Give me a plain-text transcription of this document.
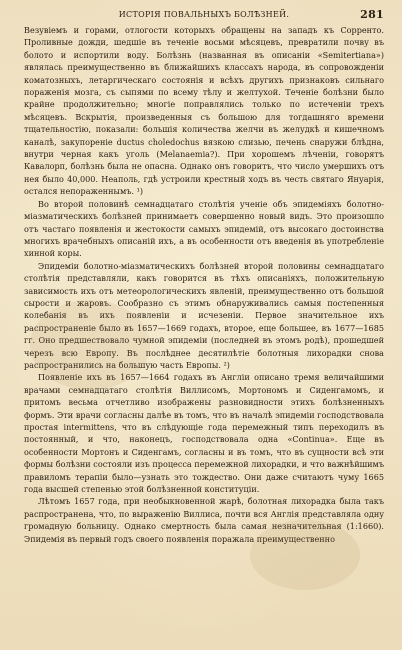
ИСТОРІЯ ПОВАЛЬНЫХЪ БОЛѢЗНЕЙ.	281

Везувіемъ и горами, отлогости которыхъ обращены на западъ къ Сорренто. Проливные дожди, шедшіе въ теченіе восьми мѣсяцевъ, превратили почву въ болото и испортили воду. Болѣзнь (названная въ описаніи «Semitertiana») являлась преимущественно въ ближайшихъ классахъ народа, въ сопровожденіи коматозныхъ, летаргическаго состоянія и всѣхъ другихъ признаковъ сильнаго пораженія мозга, съ сыпями по всему тѣлу и желтухой. Теченіе болѣзни было крайне продолжительно; многіе поправлялись только по истеченіи трехъ мѣсяцевъ. Вскрытія, произведенныя съ большою для тогдашняго времени тщательностію, показали: большія количества желчи въ желудкѣ и кишечномъ каналѣ, закупореніе ductus choledochus вязкою слизью, печень снаружи блѣдна, внутри черная какъ уголь (Melanaemia?). При хорошемъ лѣченіи, говорятъ Кавалорп, болѣзнь была не опасна. Однако онъ говоритъ, что число умершихъ отъ нея было 40,000. Неаполь, гдѣ устроили крестный ходъ въ честь святаго Януарія, остался непораженнымъ. ¹)

Во второй половинѣ семнадцатаго столѣтія ученіе объ эпидеміяхъ болотно-міазматическихъ болѣзней принимаетъ совершенно новый видъ. Это произошло отъ частаго появленія и жестокости самыхъ эпидемій, отъ высокаго достоинства многихъ врачебныхъ описаній ихъ, а въ особенности отъ введенія въ употребленіе хинной коры.

Эпидеміи болотно-міазматическихъ болѣзней второй половины семнадцатаго столѣтія представляли, какъ говорится въ тѣхъ описаніяхъ, положительную зависимость ихъ отъ метеорологическихъ явленій, преимущественно отъ большой сырости и жаровъ. Сообразно съ этимъ обнаруживались самыя постепенныя колебанія въ ихъ появленіи и исчезеніи. Первое значительное ихъ распространеніе было въ 1657—1669 годахъ, второе, еще большее, въ 1677—1685 гг. Оно предшествовало чумной эпидеміи (последней въ этомъ родѣ), прошедшей черезъ всю Европу. Въ послѣднее десятилѣтіе болотныя лихорадки снова распространились на большую часть Европы. ²)

Появленіе ихъ въ 1657—1664 годахъ въ Англіи описано тремя величайшими врачами семнадцатаго столѣтія Виллисомъ, Мортономъ и Сиденгамомъ, и притомъ весьма отчетливо изображены разновидности этихъ болѣзненныхъ формъ. Эти врачи согласны далѣе въ томъ, что въ началѣ эпидеміи господствовала простая intermittens, что въ слѣдующіе года перемежный типъ переходилъ въ постоянный, и что, наконецъ, господствовала одна «Continua». Еще въ особенности Мортонъ и Сиденгамъ, согласны и въ томъ, что въ сущности всѣ эти формы болѣзни состояли изъ процесса перемежной лихорадки, и что важнѣйшимъ правиломъ терапіи было—узнать это тождество. Они даже считаютъ чуму 1665 года высшей степенью этой болѣзненной конституціи.

Лѣтомъ 1657 года, при необыкновенной жарѣ, болотная лихорадка была такъ распространена, что, по выраженію Виллиса, почти вся Англія представляла одну громадную больницу. Однако смертность была самая незначительная (1:1660). Эпидемія въ первый годъ своего появленія поражала преимущественно
